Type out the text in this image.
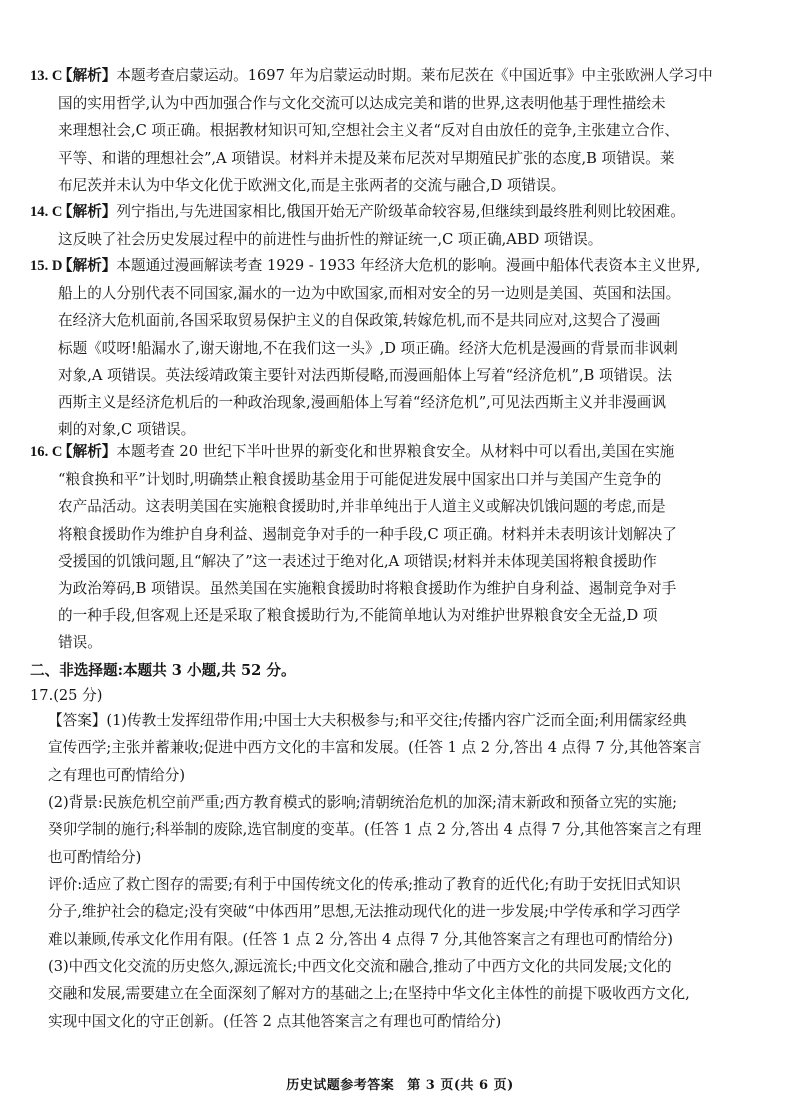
13. C【解析】本题考查启蒙运动。1697 年为启蒙运动时期。莱布尼茨在《中国近事》中主张欧洲人学习中
国的实用哲学,认为中西加强合作与文化交流可以达成完美和谐的世界,这表明他基于理性描绘未
来理想社会,C 项正确。根据教材知识可知,空想社会主义者“反对自由放任的竞争,主张建立合作、
平等、和谐的理想社会”,A 项错误。材料并未提及莱布尼茨对早期殖民扩张的态度,B 项错误。莱
布尼茨并未认为中华文化优于欧洲文化,而是主张两者的交流与融合,D 项错误。
14. C【解析】列宁指出,与先进国家相比,俄国开始无产阶级革命较容易,但继续到最终胜利则比较困难。
这反映了社会历史发展过程中的前进性与曲折性的辩证统一,C 项正确,ABD 项错误。
15. D【解析】本题通过漫画解读考查 1929 - 1933 年经济大危机的影响。漫画中船体代表资本主义世界,
船上的人分别代表不同国家,漏水的一边为中欧国家,而相对安全的另一边则是美国、英国和法国。
在经济大危机面前,各国采取贸易保护主义的自保政策,转嫁危机,而不是共同应对,这契合了漫画
标题《哎呀!船漏水了,谢天谢地,不在我们这一头》,D 项正确。经济大危机是漫画的背景而非讽刺
对象,A 项错误。英法绥靖政策主要针对法西斯侵略,而漫画船体上写着“经济危机”,B 项错误。法
西斯主义是经济危机后的一种政治现象,漫画船体上写着“经济危机”,可见法西斯主义并非漫画讽
刺的对象,C 项错误。
16. C【解析】本题考查 20 世纪下半叶世界的新变化和世界粮食安全。从材料中可以看出,美国在实施
“粮食换和平”计划时,明确禁止粮食援助基金用于可能促进发展中国家出口并与美国产生竞争的
农产品活动。这表明美国在实施粮食援助时,并非单纯出于人道主义或解决饥饿问题的考虑,而是
将粮食援助作为维护自身利益、遏制竞争对手的一种手段,C 项正确。材料并未表明该计划解决了
受援国的饥饿问题,且“解决了”这一表述过于绝对化,A 项错误;材料并未体现美国将粮食援助作
为政治筹码,B 项错误。虽然美国在实施粮食援助时将粮食援助作为维护自身利益、遏制竞争对手
的一种手段,但客观上还是采取了粮食援助行为,不能简单地认为对维护世界粮食安全无益,D 项
错误。
二、非选择题:本题共 3 小题,共 52 分。
17.(25 分)
【答案】(1)传教士发挥纽带作用;中国士大夫积极参与;和平交往;传播内容广泛而全面;利用儒家经典
宣传西学;主张并蓄兼收;促进中西方文化的丰富和发展。(任答 1 点 2 分,答出 4 点得 7 分,其他答案言
之有理也可酌情给分)
(2)背景:民族危机空前严重;西方教育模式的影响;清朝统治危机的加深;清末新政和预备立宪的实施;
癸卯学制的施行;科举制的废除,选官制度的变革。(任答 1 点 2 分,答出 4 点得 7 分,其他答案言之有理
也可酌情给分)
评价:适应了救亡图存的需要;有利于中国传统文化的传承;推动了教育的近代化;有助于安抚旧式知识
分子,维护社会的稳定;没有突破“中体西用”思想,无法推动现代化的进一步发展;中学传承和学习西学
难以兼顾,传承文化作用有限。(任答 1 点 2 分,答出 4 点得 7 分,其他答案言之有理也可酌情给分)
(3)中西文化交流的历史悠久,源远流长;中西文化交流和融合,推动了中西方文化的共同发展;文化的
交融和发展,需要建立在全面深刻了解对方的基础之上;在坚持中华文化主体性的前提下吸收西方文化,
实现中国文化的守正创新。(任答 2 点其他答案言之有理也可酌情给分)
历史试题参考答案 第 3 页(共 6 页)
